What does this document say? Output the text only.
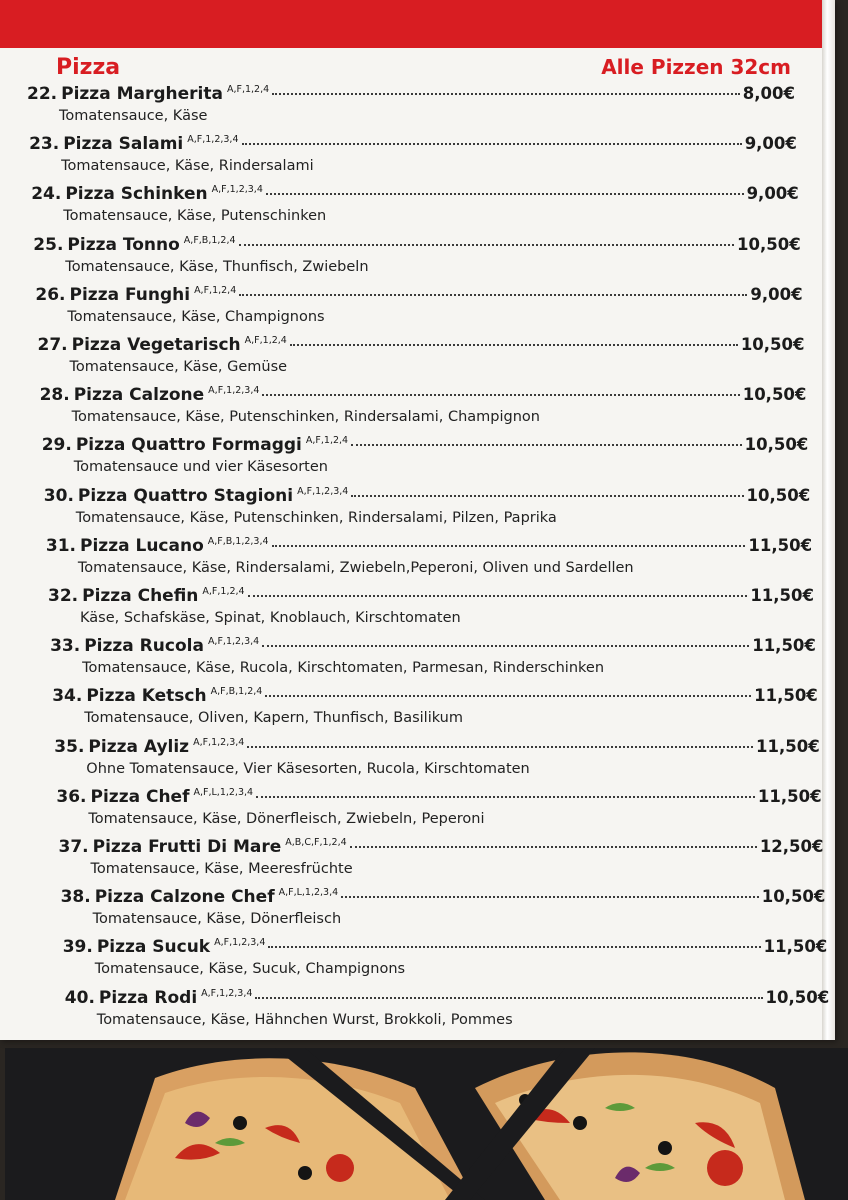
Pizza	Alle Pizzen 32cm
22. Pizza Margherita A,F,1,2,4	8,00€
Tomatensauce, Käse
23. Pizza Salami A,F,1,2,3,4	9,00€
Tomatensauce, Käse, Rindersalami
24. Pizza Schinken A,F,1,2,3,4	9,00€
Tomatensauce, Käse, Putenschinken
25. Pizza Tonno A,F,B,1,2,4	10,50€
Tomatensauce, Käse, Thunfisch, Zwiebeln
26. Pizza Funghi A,F,1,2,4	9,00€
Tomatensauce, Käse, Champignons
27. Pizza Vegetarisch A,F,1,2,4	10,50€
Tomatensauce, Käse, Gemüse
28. Pizza Calzone A,F,1,2,3,4	10,50€
Tomatensauce, Käse, Putenschinken, Rindersalami, Champignon
29. Pizza Quattro Formaggi A,F,1,2,4	10,50€
Tomatensauce und vier Käsesorten
30. Pizza Quattro Stagioni A,F,1,2,3,4	10,50€
Tomatensauce, Käse, Putenschinken, Rindersalami, Pilzen, Paprika
31. Pizza Lucano A,F,B,1,2,3,4	11,50€
Tomatensauce, Käse, Rindersalami, Zwiebeln,Peperoni, Oliven und Sardellen
32. Pizza Chefin A,F,1,2,4	11,50€
Käse, Schafskäse, Spinat, Knoblauch, Kirschtomaten
33. Pizza Rucola A,F,1,2,3,4	11,50€
Tomatensauce, Käse, Rucola, Kirschtomaten, Parmesan, Rinderschinken
34. Pizza Ketsch A,F,B,1,2,4	11,50€
Tomatensauce, Oliven, Kapern, Thunfisch, Basilikum
35. Pizza Ayliz A,F,1,2,3,4	11,50€
Ohne Tomatensauce, Vier Käsesorten, Rucola, Kirschtomaten
36. Pizza Chef A,F,L,1,2,3,4	11,50€
Tomatensauce, Käse, Dönerfleisch, Zwiebeln, Peperoni
37. Pizza Frutti Di Mare A,B,C,F,1,2,4	12,50€
Tomatensauce, Käse, Meeresfrüchte
38. Pizza Calzone Chef A,F,L,1,2,3,4	10,50€
Tomatensauce, Käse, Dönerfleisch
39. Pizza Sucuk A,F,1,2,3,4	11,50€
Tomatensauce, Käse, Sucuk, Champignons
40. Pizza Rodi A,F,1,2,3,4	10,50€
Tomatensauce, Käse, Hähnchen Wurst, Brokkoli, Pommes
